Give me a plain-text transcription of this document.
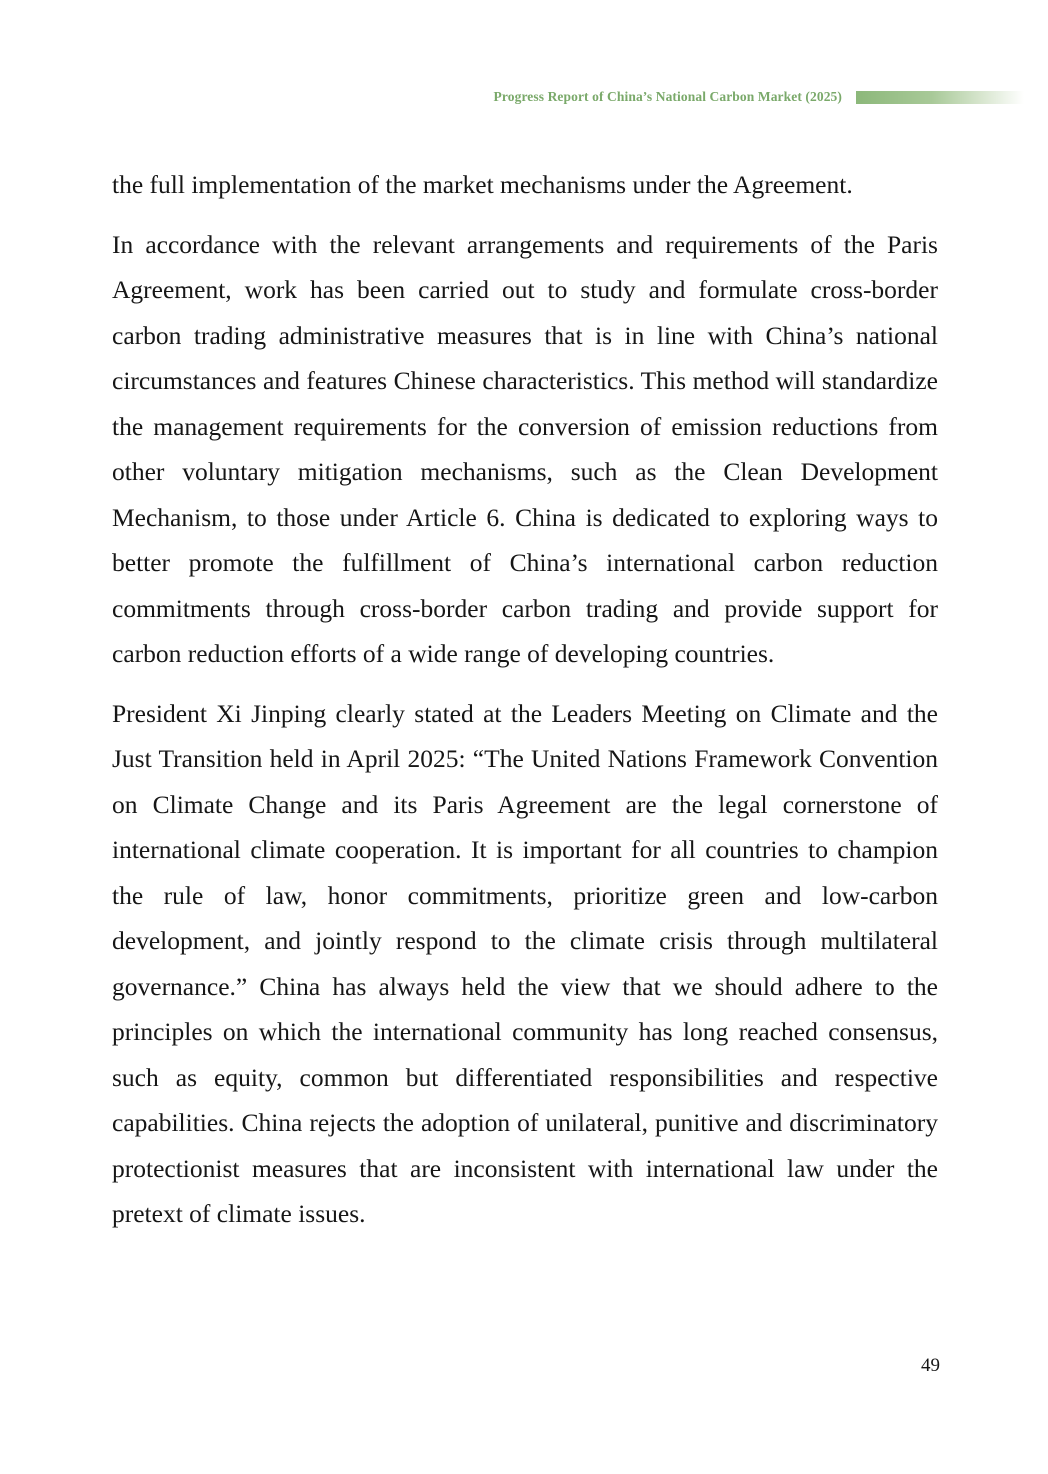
Progress Report of China’s National Carbon Market (2025)

the full implementation of the market mechanisms under the Agreement.

In accordance with the relevant arrangements and requirements of the Paris Agreement, work has been carried out to study and formulate cross-border carbon trading administrative measures that is in line with China’s national circumstances and features Chinese characteristics. This method will standardize the management requirements for the conversion of emission reductions from other voluntary mitigation mechanisms, such as the Clean Development Mechanism, to those under Article 6. China is dedicated to exploring ways to better promote the fulfillment of China’s international carbon reduction commitments through cross-border carbon trading and provide support for carbon reduction efforts of a wide range of developing countries.

President Xi Jinping clearly stated at the Leaders Meeting on Climate and the Just Transition held in April 2025: “The United Nations Framework Convention on Climate Change and its Paris Agreement are the legal cornerstone of international climate cooperation. It is important for all countries to champion the rule of law, honor commitments, prioritize green and low-carbon development, and jointly respond to the climate crisis through multilateral governance.” China has always held the view that we should adhere to the principles on which the international community has long reached consensus, such as equity, common but differentiated responsibilities and respective capabilities. China rejects the adoption of unilateral, punitive and discriminatory protectionist measures that are inconsistent with international law under the pretext of climate issues.

49
